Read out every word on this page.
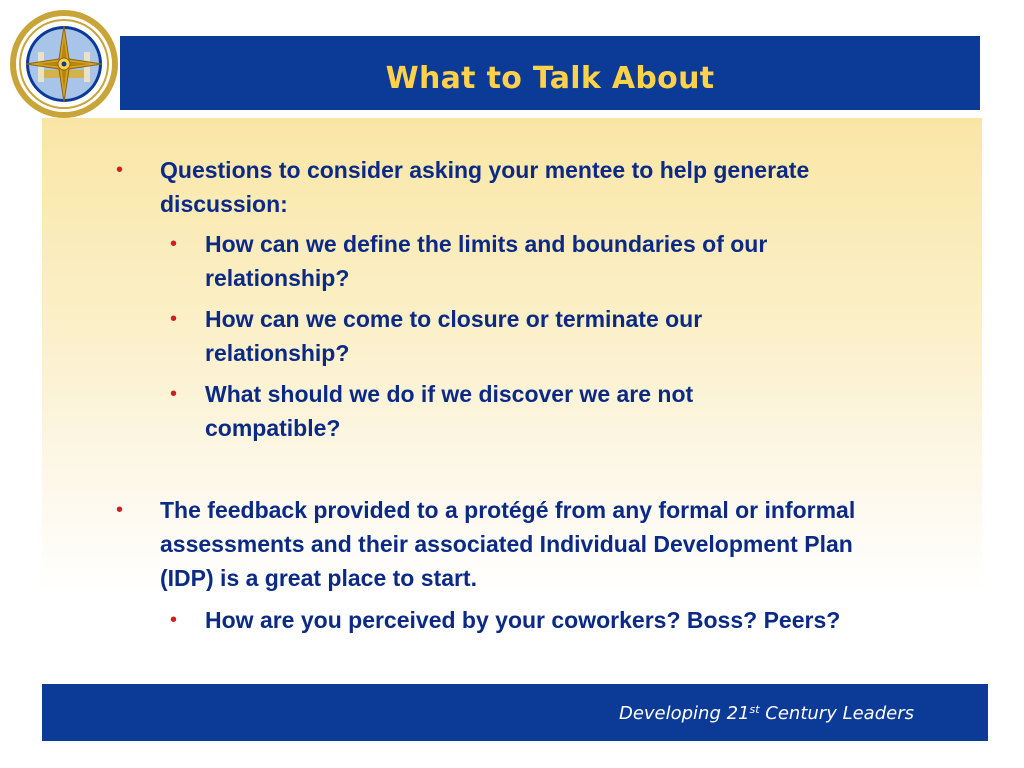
What to Talk About
• Questions to consider asking your mentee to help generate discussion:
• How can we define the limits and boundaries of our relationship?
• How can we come to closure or terminate our relationship?
• What should we do if we discover we are not compatible?
• The feedback provided to a protégé from any formal or informal assessments and their associated Individual Development Plan (IDP) is a great place to start.
• How are you perceived by your coworkers? Boss? Peers?
Developing 21st Century Leaders
